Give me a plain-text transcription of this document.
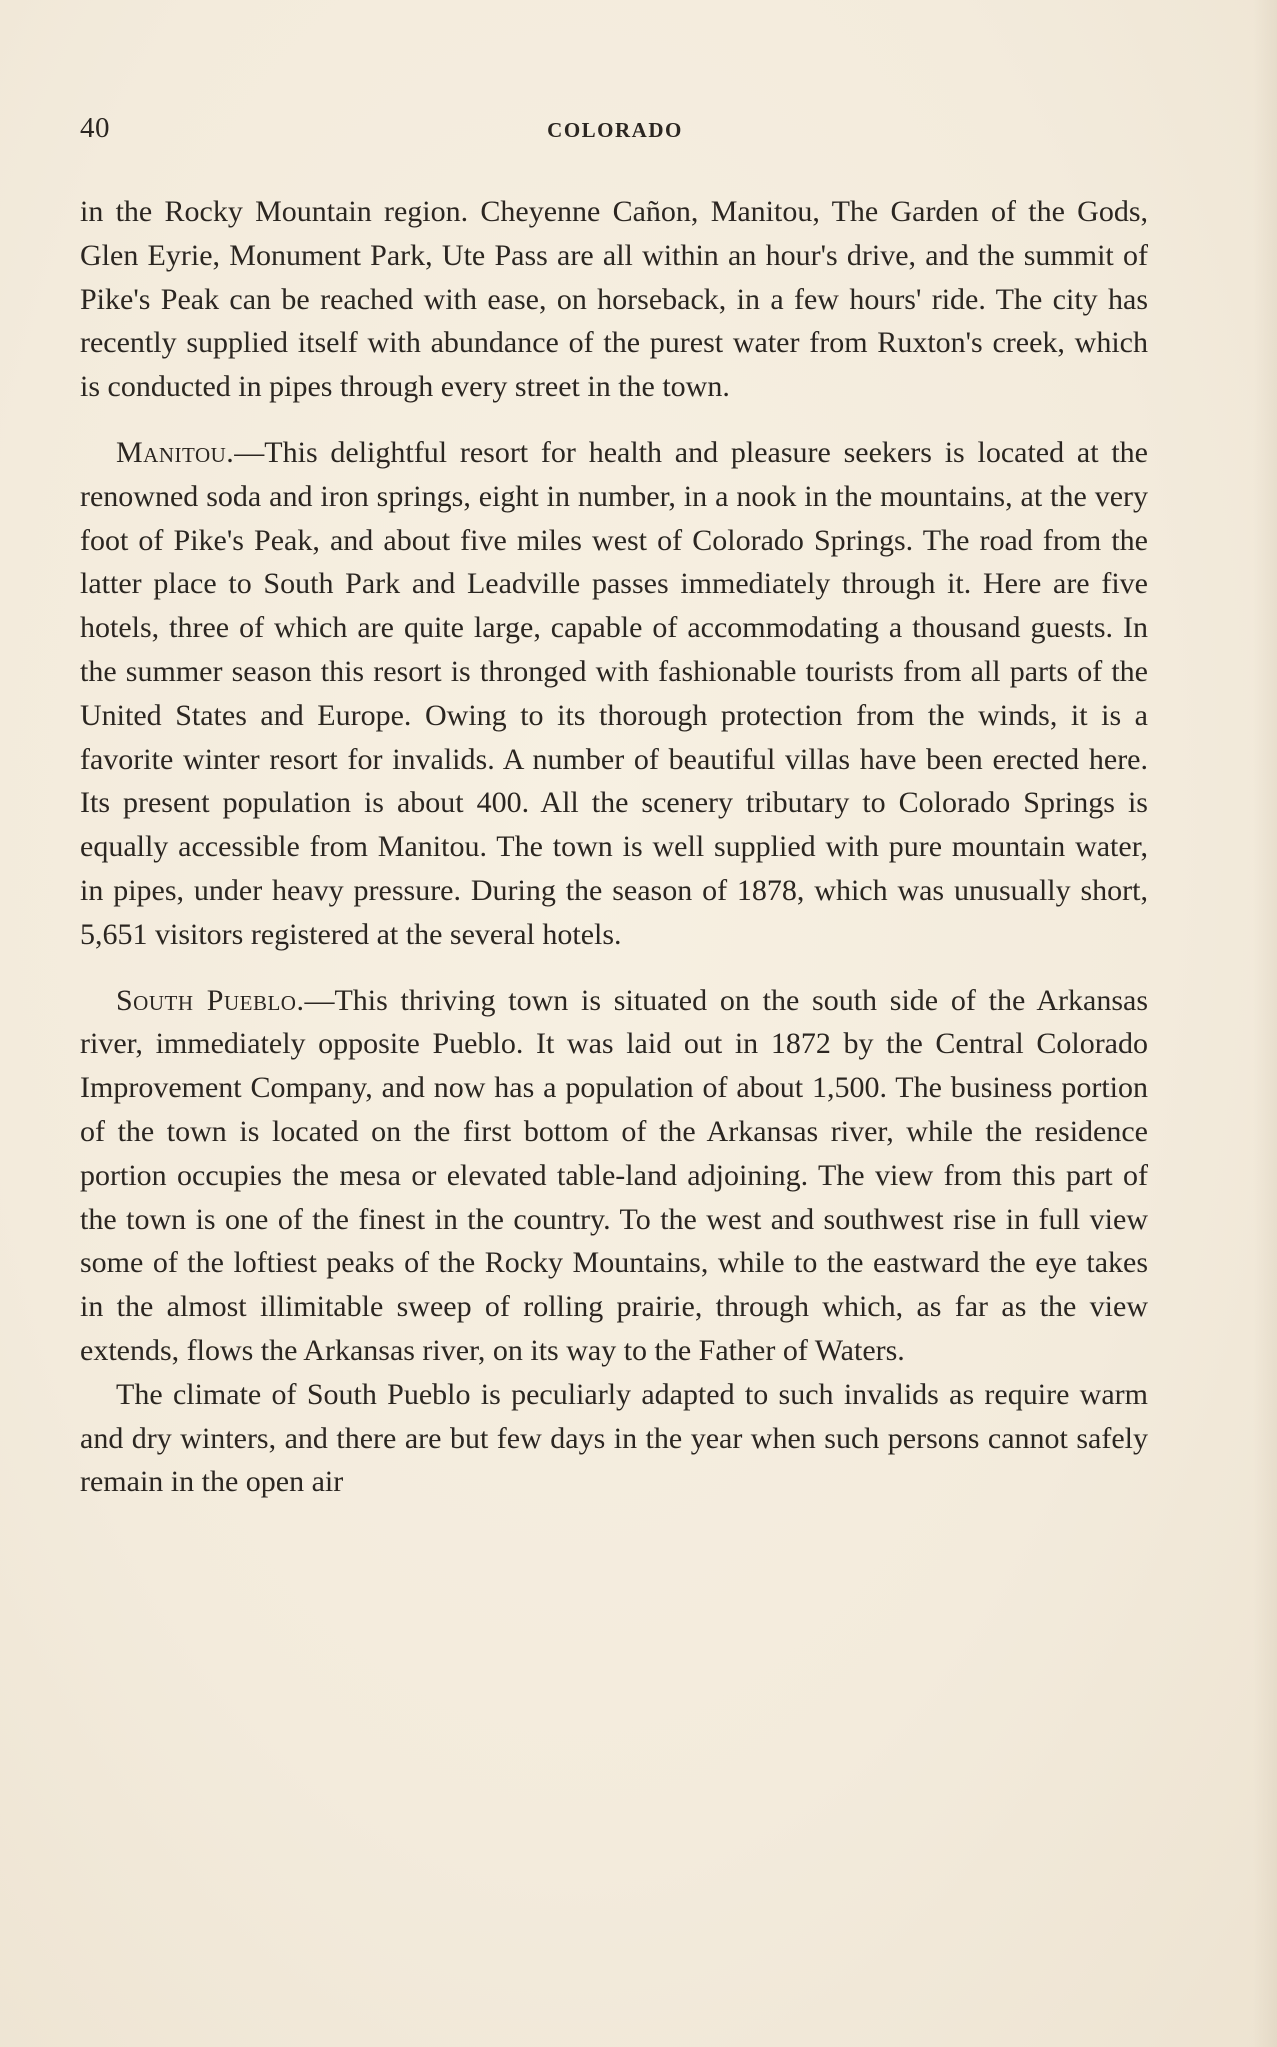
40	COLORADO

in the Rocky Mountain region. Cheyenne Cañon, Manitou, The Garden of the Gods, Glen Eyrie, Monument Park, Ute Pass are all within an hour's drive, and the summit of Pike's Peak can be reached with ease, on horseback, in a few hours' ride. The city has recently supplied itself with abundance of the purest water from Ruxton's creek, which is conducted in pipes through every street in the town.

Manitou.—This delightful resort for health and pleasure seekers is located at the renowned soda and iron springs, eight in number, in a nook in the mountains, at the very foot of Pike's Peak, and about five miles west of Colorado Springs. The road from the latter place to South Park and Leadville passes immediately through it. Here are five hotels, three of which are quite large, capable of accommodating a thousand guests. In the summer season this resort is thronged with fashionable tourists from all parts of the United States and Europe. Owing to its thorough protection from the winds, it is a favorite winter resort for invalids. A number of beautiful villas have been erected here. Its present population is about 400. All the scenery tributary to Colorado Springs is equally accessible from Manitou. The town is well supplied with pure mountain water, in pipes, under heavy pressure. During the season of 1878, which was unusually short, 5,651 visitors registered at the several hotels.

South Pueblo.—This thriving town is situated on the south side of the Arkansas river, immediately opposite Pueblo. It was laid out in 1872 by the Central Colorado Improvement Company, and now has a population of about 1,500. The business portion of the town is located on the first bottom of the Arkansas river, while the residence portion occupies the mesa or elevated table-land adjoining. The view from this part of the town is one of the finest in the country. To the west and southwest rise in full view some of the loftiest peaks of the Rocky Mountains, while to the eastward the eye takes in the almost illimitable sweep of rolling prairie, through which, as far as the view extends, flows the Arkansas river, on its way to the Father of Waters.

The climate of South Pueblo is peculiarly adapted to such invalids as require warm and dry winters, and there are but few days in the year when such persons cannot safely remain in the open air
